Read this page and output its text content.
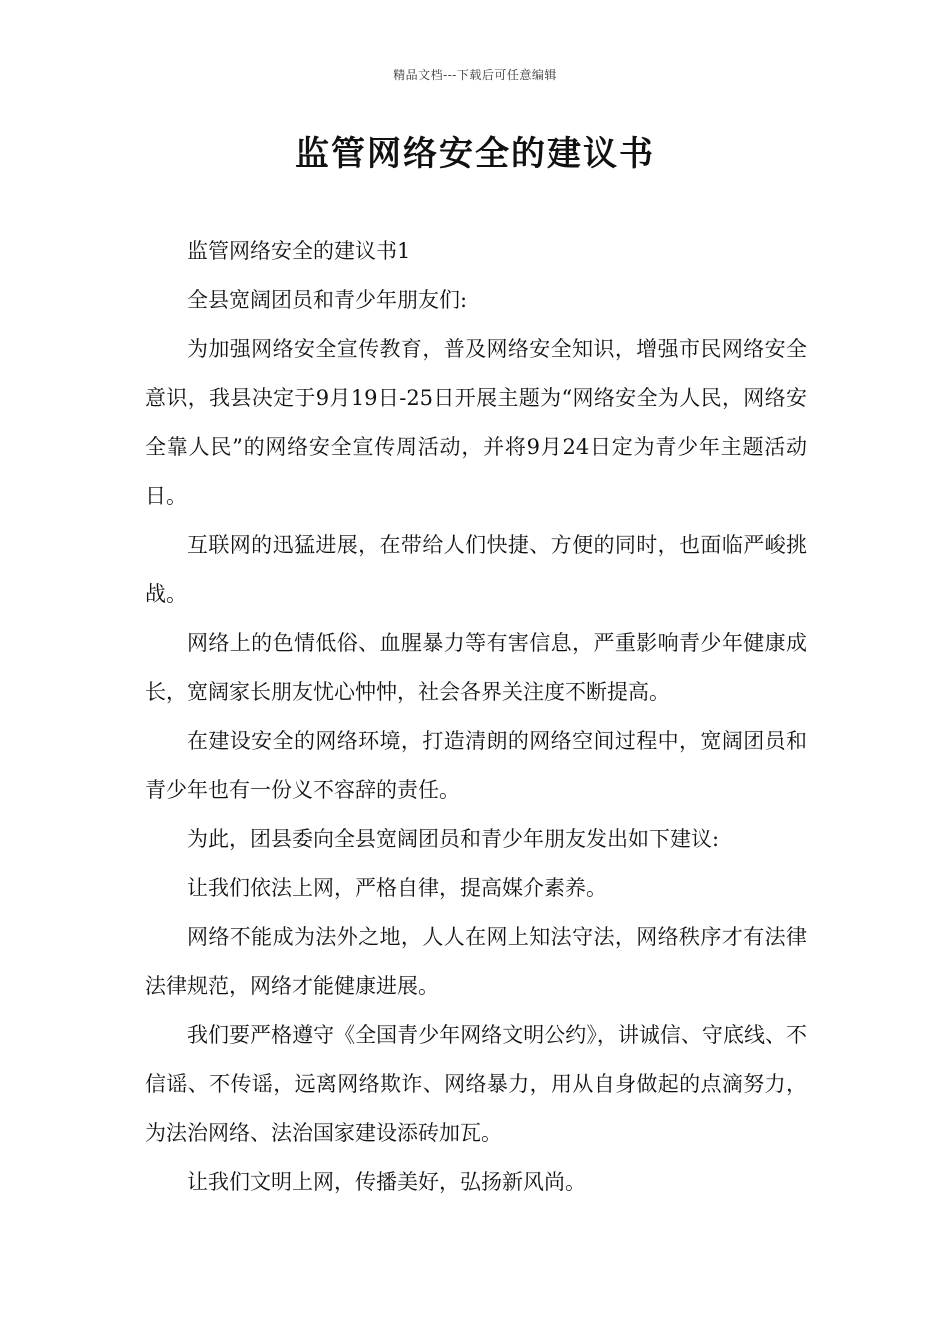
精品文档---下载后可任意编辑
监管网络安全的建议书

监管网络安全的建议书1

全县宽阔团员和青少年朋友们:

为加强网络安全宣传教育，普及网络安全知识，增强市民网络安全意识，我县决定于9月19日-25日开展主题为“网络安全为人民，网络安全靠人民”的网络安全宣传周活动，并将9月24日定为青少年主题活动日。

互联网的迅猛进展，在带给人们快捷、方便的同时，也面临严峻挑战。

网络上的色情低俗、血腥暴力等有害信息，严重影响青少年健康成长，宽阔家长朋友忧心忡忡，社会各界关注度不断提高。

在建设安全的网络环境，打造清朗的网络空间过程中，宽阔团员和青少年也有一份义不容辞的责任。

为此，团县委向全县宽阔团员和青少年朋友发出如下建议:

让我们依法上网，严格自律，提高媒介素养。

网络不能成为法外之地，人人在网上知法守法，网络秩序才有法律法律规范，网络才能健康进展。

我们要严格遵守《全国青少年网络文明公约》，讲诚信、守底线、不信谣、不传谣，远离网络欺诈、网络暴力，用从自身做起的点滴努力，为法治网络、法治国家建设添砖加瓦。

让我们文明上网，传播美好，弘扬新风尚。
